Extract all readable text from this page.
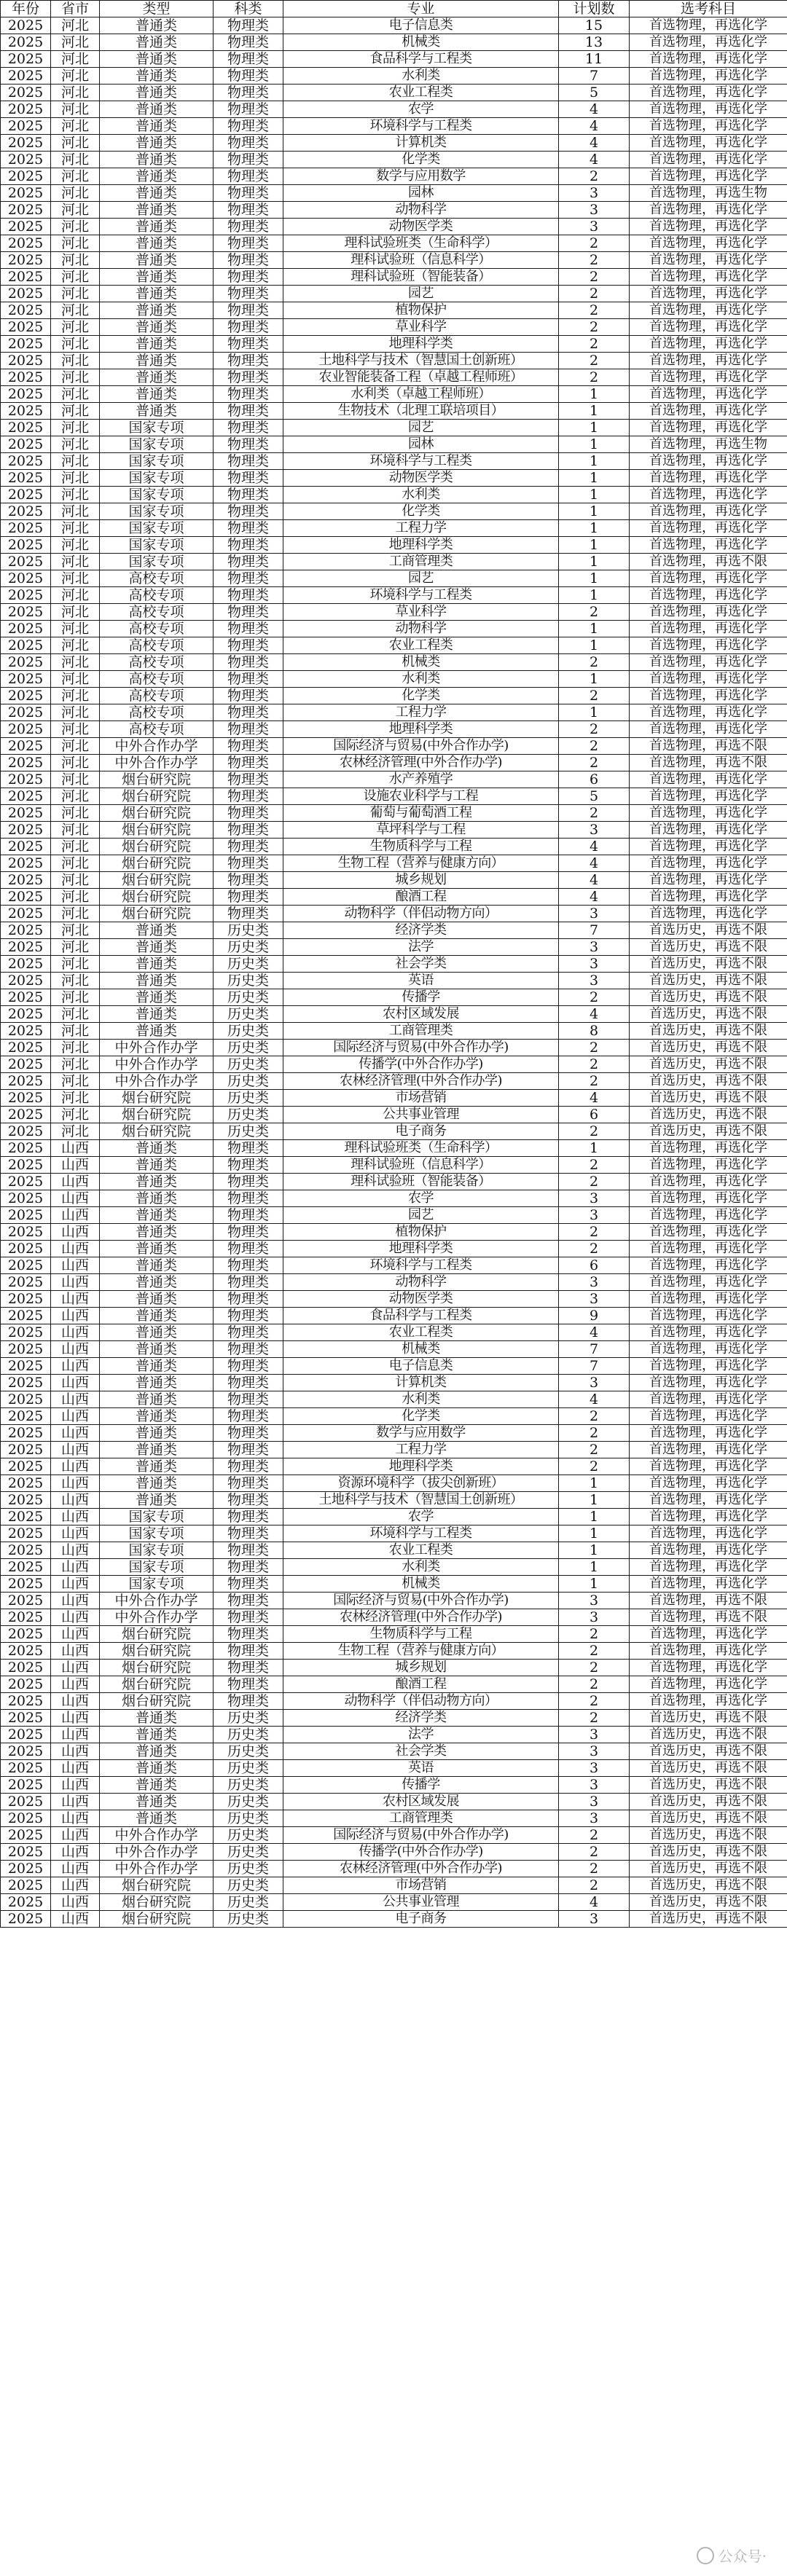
年份	省市	类型	科类	专业	计划数	选考科目
2025	河北	普通类	物理类	电子信息类	15	首选物理，再选化学
2025	河北	普通类	物理类	机械类	13	首选物理，再选化学
2025	河北	普通类	物理类	食品科学与工程类	11	首选物理，再选化学
2025	河北	普通类	物理类	水利类	7	首选物理，再选化学
2025	河北	普通类	物理类	农业工程类	5	首选物理，再选化学
2025	河北	普通类	物理类	农学	4	首选物理，再选化学
2025	河北	普通类	物理类	环境科学与工程类	4	首选物理，再选化学
2025	河北	普通类	物理类	计算机类	4	首选物理，再选化学
2025	河北	普通类	物理类	化学类	4	首选物理，再选化学
2025	河北	普通类	物理类	数学与应用数学	2	首选物理，再选化学
2025	河北	普通类	物理类	园林	3	首选物理，再选生物
2025	河北	普通类	物理类	动物科学	3	首选物理，再选化学
2025	河北	普通类	物理类	动物医学类	3	首选物理，再选化学
2025	河北	普通类	物理类	理科试验班类（生命科学）	2	首选物理，再选化学
2025	河北	普通类	物理类	理科试验班（信息科学）	2	首选物理，再选化学
2025	河北	普通类	物理类	理科试验班（智能装备）	2	首选物理，再选化学
2025	河北	普通类	物理类	园艺	2	首选物理，再选化学
2025	河北	普通类	物理类	植物保护	2	首选物理，再选化学
2025	河北	普通类	物理类	草业科学	2	首选物理，再选化学
2025	河北	普通类	物理类	地理科学类	2	首选物理，再选化学
2025	河北	普通类	物理类	土地科学与技术（智慧国土创新班）	2	首选物理，再选化学
2025	河北	普通类	物理类	农业智能装备工程（卓越工程师班）	2	首选物理，再选化学
2025	河北	普通类	物理类	水利类（卓越工程师班）	1	首选物理，再选化学
2025	河北	普通类	物理类	生物技术（北理工联培项目）	1	首选物理，再选化学
2025	河北	国家专项	物理类	园艺	1	首选物理，再选化学
2025	河北	国家专项	物理类	园林	1	首选物理，再选生物
2025	河北	国家专项	物理类	环境科学与工程类	1	首选物理，再选化学
2025	河北	国家专项	物理类	动物医学类	1	首选物理，再选化学
2025	河北	国家专项	物理类	水利类	1	首选物理，再选化学
2025	河北	国家专项	物理类	化学类	1	首选物理，再选化学
2025	河北	国家专项	物理类	工程力学	1	首选物理，再选化学
2025	河北	国家专项	物理类	地理科学类	1	首选物理，再选化学
2025	河北	国家专项	物理类	工商管理类	1	首选物理，再选不限
2025	河北	高校专项	物理类	园艺	1	首选物理，再选化学
2025	河北	高校专项	物理类	环境科学与工程类	1	首选物理，再选化学
2025	河北	高校专项	物理类	草业科学	2	首选物理，再选化学
2025	河北	高校专项	物理类	动物科学	1	首选物理，再选化学
2025	河北	高校专项	物理类	农业工程类	1	首选物理，再选化学
2025	河北	高校专项	物理类	机械类	2	首选物理，再选化学
2025	河北	高校专项	物理类	水利类	1	首选物理，再选化学
2025	河北	高校专项	物理类	化学类	2	首选物理，再选化学
2025	河北	高校专项	物理类	工程力学	1	首选物理，再选化学
2025	河北	高校专项	物理类	地理科学类	2	首选物理，再选化学
2025	河北	中外合作办学	物理类	国际经济与贸易(中外合作办学)	2	首选物理，再选不限
2025	河北	中外合作办学	物理类	农林经济管理(中外合作办学)	2	首选物理，再选不限
2025	河北	烟台研究院	物理类	水产养殖学	6	首选物理，再选化学
2025	河北	烟台研究院	物理类	设施农业科学与工程	5	首选物理，再选化学
2025	河北	烟台研究院	物理类	葡萄与葡萄酒工程	2	首选物理，再选化学
2025	河北	烟台研究院	物理类	草坪科学与工程	3	首选物理，再选化学
2025	河北	烟台研究院	物理类	生物质科学与工程	4	首选物理，再选化学
2025	河北	烟台研究院	物理类	生物工程（营养与健康方向）	4	首选物理，再选化学
2025	河北	烟台研究院	物理类	城乡规划	4	首选物理，再选化学
2025	河北	烟台研究院	物理类	酿酒工程	4	首选物理，再选化学
2025	河北	烟台研究院	物理类	动物科学（伴侣动物方向）	3	首选物理，再选化学
2025	河北	普通类	历史类	经济学类	7	首选历史，再选不限
2025	河北	普通类	历史类	法学	3	首选历史，再选不限
2025	河北	普通类	历史类	社会学类	3	首选历史，再选不限
2025	河北	普通类	历史类	英语	3	首选历史，再选不限
2025	河北	普通类	历史类	传播学	2	首选历史，再选不限
2025	河北	普通类	历史类	农村区域发展	4	首选历史，再选不限
2025	河北	普通类	历史类	工商管理类	8	首选历史，再选不限
2025	河北	中外合作办学	历史类	国际经济与贸易(中外合作办学)	2	首选历史，再选不限
2025	河北	中外合作办学	历史类	传播学(中外合作办学)	2	首选历史，再选不限
2025	河北	中外合作办学	历史类	农林经济管理(中外合作办学)	2	首选历史，再选不限
2025	河北	烟台研究院	历史类	市场营销	4	首选历史，再选不限
2025	河北	烟台研究院	历史类	公共事业管理	6	首选历史，再选不限
2025	河北	烟台研究院	历史类	电子商务	2	首选历史，再选不限
2025	山西	普通类	物理类	理科试验班类（生命科学）	1	首选物理，再选化学
2025	山西	普通类	物理类	理科试验班（信息科学）	2	首选物理，再选化学
2025	山西	普通类	物理类	理科试验班（智能装备）	2	首选物理，再选化学
2025	山西	普通类	物理类	农学	3	首选物理，再选化学
2025	山西	普通类	物理类	园艺	3	首选物理，再选化学
2025	山西	普通类	物理类	植物保护	2	首选物理，再选化学
2025	山西	普通类	物理类	地理科学类	2	首选物理，再选化学
2025	山西	普通类	物理类	环境科学与工程类	6	首选物理，再选化学
2025	山西	普通类	物理类	动物科学	3	首选物理，再选化学
2025	山西	普通类	物理类	动物医学类	3	首选物理，再选化学
2025	山西	普通类	物理类	食品科学与工程类	9	首选物理，再选化学
2025	山西	普通类	物理类	农业工程类	4	首选物理，再选化学
2025	山西	普通类	物理类	机械类	7	首选物理，再选化学
2025	山西	普通类	物理类	电子信息类	7	首选物理，再选化学
2025	山西	普通类	物理类	计算机类	3	首选物理，再选化学
2025	山西	普通类	物理类	水利类	4	首选物理，再选化学
2025	山西	普通类	物理类	化学类	2	首选物理，再选化学
2025	山西	普通类	物理类	数学与应用数学	2	首选物理，再选化学
2025	山西	普通类	物理类	工程力学	2	首选物理，再选化学
2025	山西	普通类	物理类	地理科学类	2	首选物理，再选化学
2025	山西	普通类	物理类	资源环境科学（拔尖创新班）	1	首选物理，再选化学
2025	山西	普通类	物理类	土地科学与技术（智慧国土创新班）	1	首选物理，再选化学
2025	山西	国家专项	物理类	农学	1	首选物理，再选化学
2025	山西	国家专项	物理类	环境科学与工程类	1	首选物理，再选化学
2025	山西	国家专项	物理类	农业工程类	1	首选物理，再选化学
2025	山西	国家专项	物理类	水利类	1	首选物理，再选化学
2025	山西	国家专项	物理类	机械类	1	首选物理，再选化学
2025	山西	中外合作办学	物理类	国际经济与贸易(中外合作办学)	3	首选物理，再选不限
2025	山西	中外合作办学	物理类	农林经济管理(中外合作办学)	3	首选物理，再选不限
2025	山西	烟台研究院	物理类	生物质科学与工程	2	首选物理，再选化学
2025	山西	烟台研究院	物理类	生物工程（营养与健康方向）	2	首选物理，再选化学
2025	山西	烟台研究院	物理类	城乡规划	2	首选物理，再选化学
2025	山西	烟台研究院	物理类	酿酒工程	2	首选物理，再选化学
2025	山西	烟台研究院	物理类	动物科学（伴侣动物方向）	2	首选物理，再选化学
2025	山西	普通类	历史类	经济学类	2	首选历史，再选不限
2025	山西	普通类	历史类	法学	3	首选历史，再选不限
2025	山西	普通类	历史类	社会学类	3	首选历史，再选不限
2025	山西	普通类	历史类	英语	3	首选历史，再选不限
2025	山西	普通类	历史类	传播学	3	首选历史，再选不限
2025	山西	普通类	历史类	农村区域发展	3	首选历史，再选不限
2025	山西	普通类	历史类	工商管理类	3	首选历史，再选不限
2025	山西	中外合作办学	历史类	国际经济与贸易(中外合作办学)	2	首选历史，再选不限
2025	山西	中外合作办学	历史类	传播学(中外合作办学)	2	首选历史，再选不限
2025	山西	中外合作办学	历史类	农林经济管理(中外合作办学)	2	首选历史，再选不限
2025	山西	烟台研究院	历史类	市场营销	2	首选历史，再选不限
2025	山西	烟台研究院	历史类	公共事业管理	4	首选历史，再选不限
2025	山西	烟台研究院	历史类	电子商务	3	首选历史，再选不限
公众号·
